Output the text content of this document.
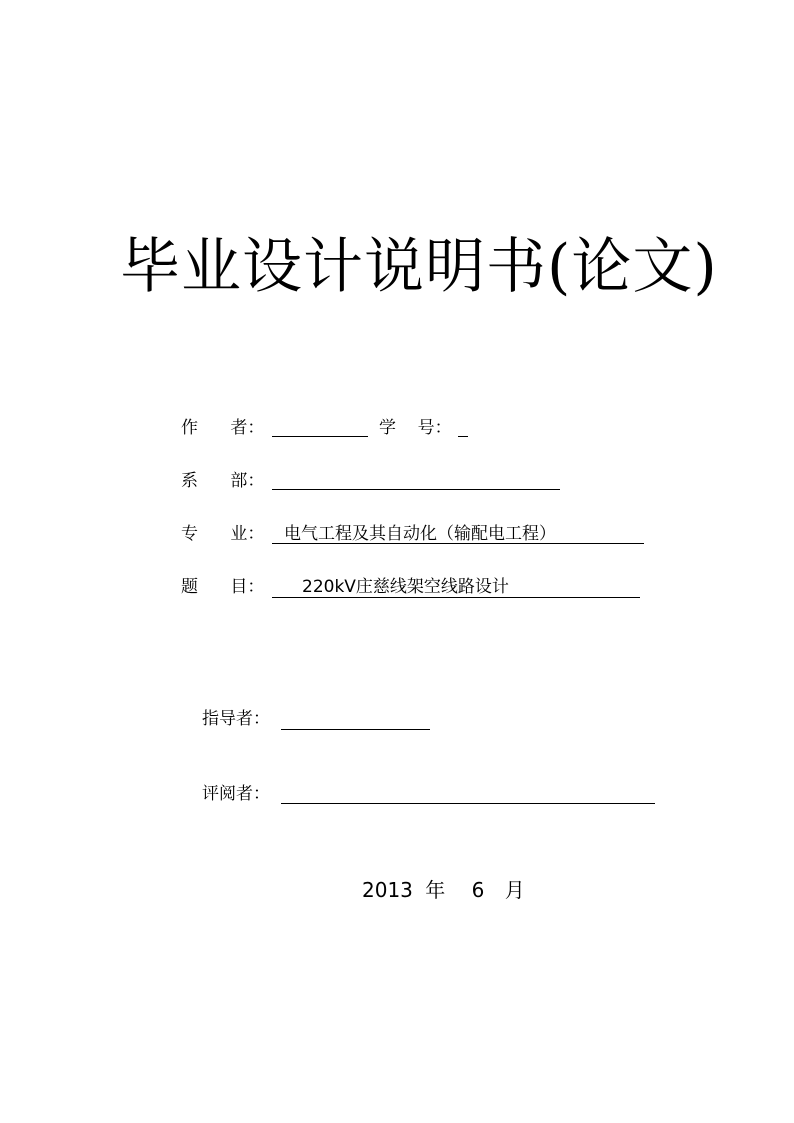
毕业设计说明书(论文)
作      者：	学    号：
系      部：
专      业： 电气工程及其自动化（输配电工程）
题      目： 220kV庄慈线架空线路设计
指导者：
评阅者：
2013 年 6 月
